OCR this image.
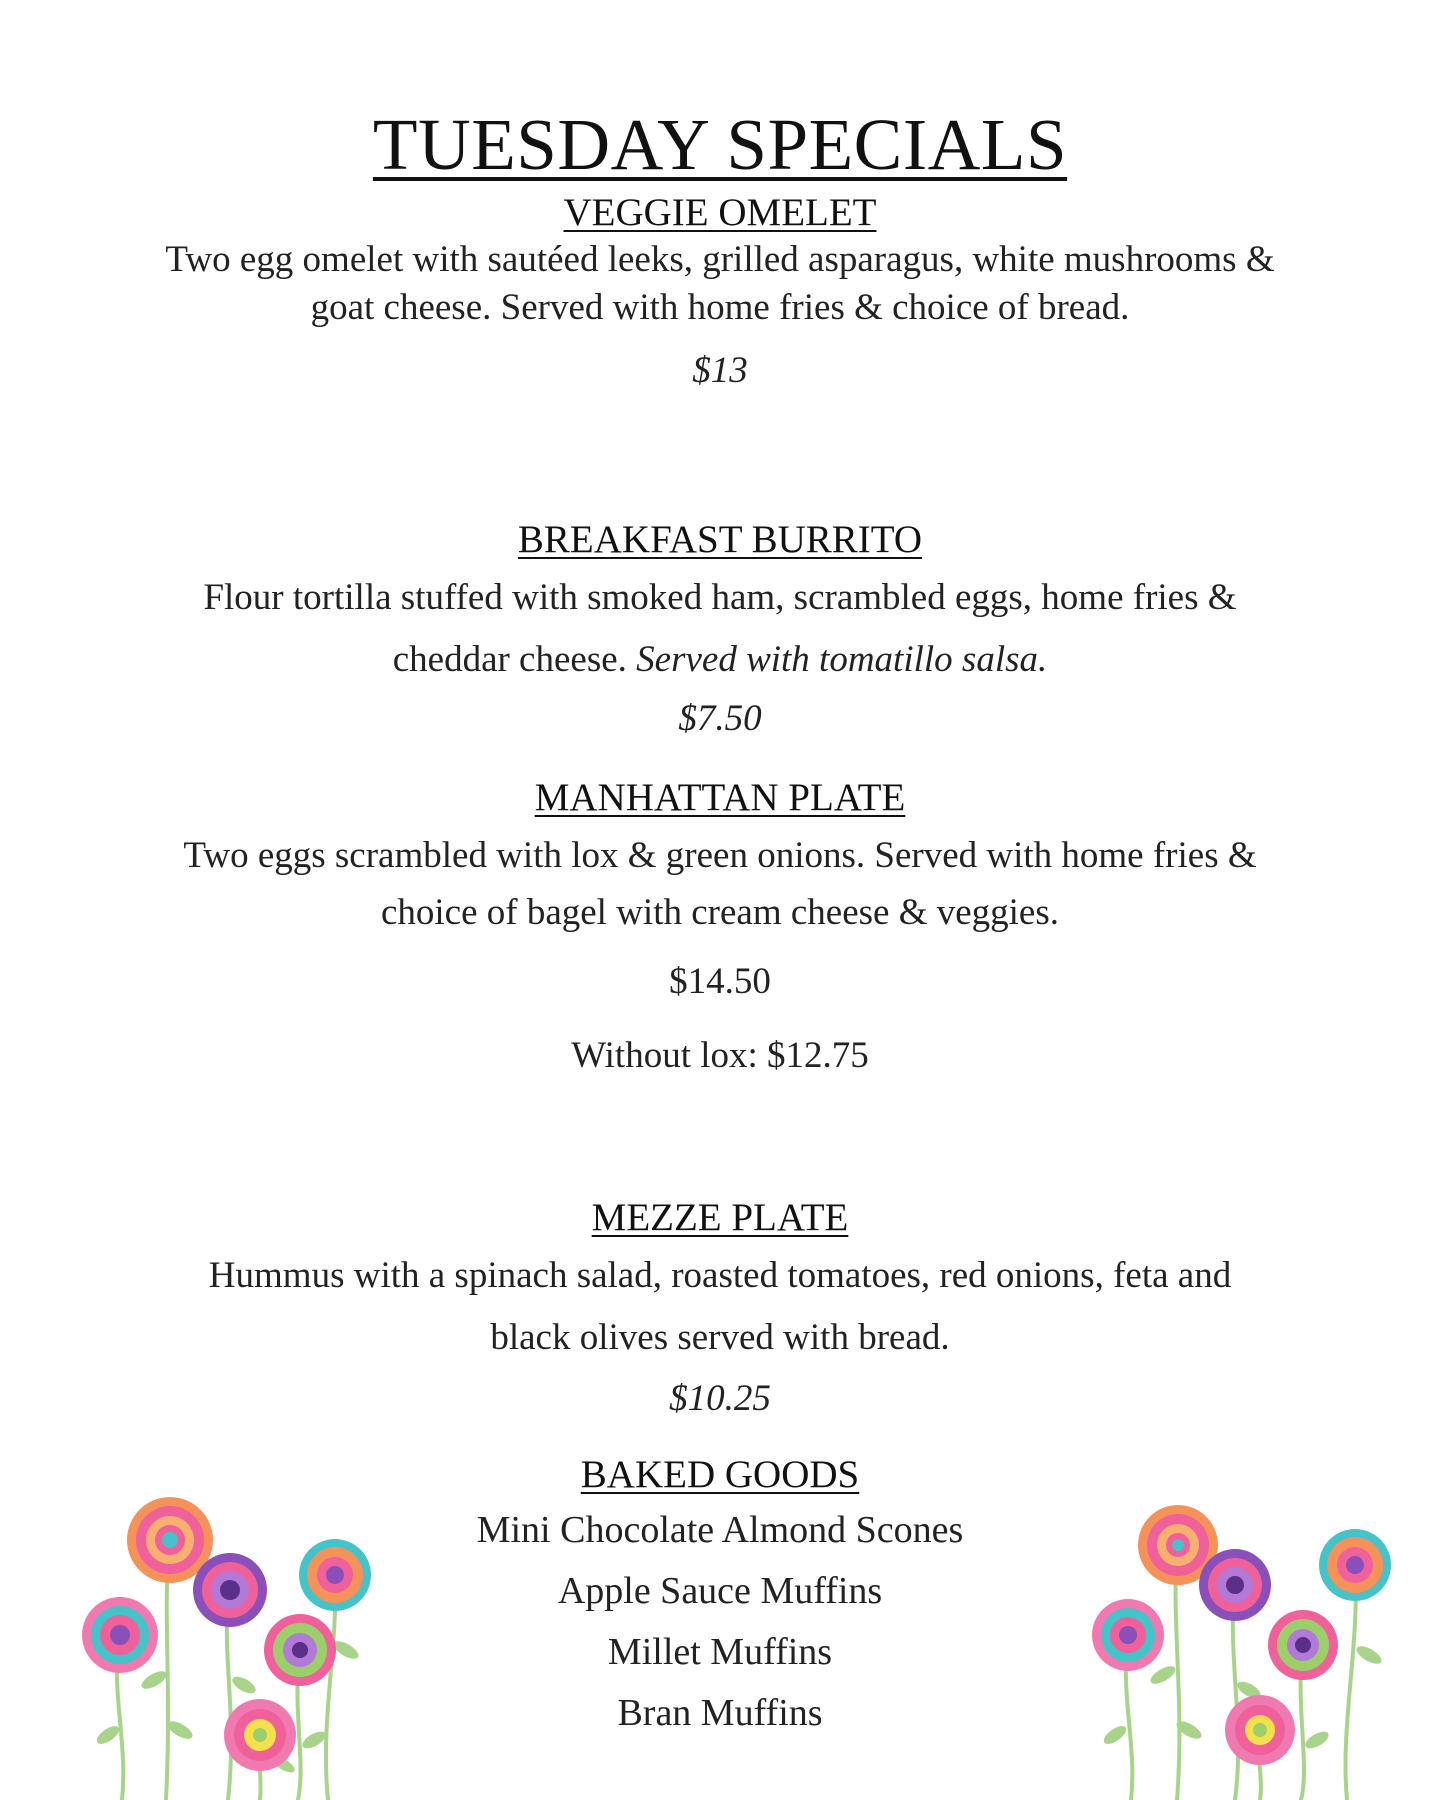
TUESDAY SPECIALS
VEGGIE OMELET

Two egg omelet with sautéed leeks, grilled asparagus, white mushrooms &

goat cheese. Served with home fries & choice of bread.

$13

BREAKFAST BURRITO

Flour tortilla stuffed with smoked ham, scrambled eggs, home fries &

cheddar cheese. Served with tomatillo salsa.

$7.50

MANHATTAN PLATE

Two eggs scrambled with lox & green onions. Served with home fries &

choice of bagel with cream cheese & veggies.

$14.50

Without lox: $12.75

MEZZE PLATE

Hummus with a spinach salad, roasted tomatoes, red onions, feta and

black olives served with bread.

$10.25

BAKED GOODS

Mini Chocolate Almond Scones

Apple Sauce Muffins

Millet Muffins

Bran Muffins
